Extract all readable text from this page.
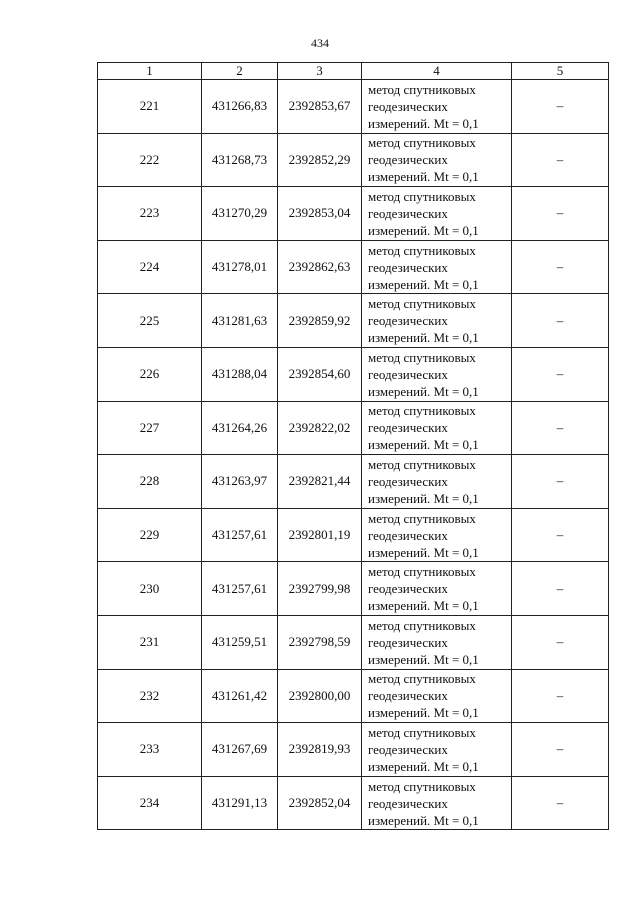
434
1	2	3	4	5
221	431266,83	2392853,67	метод спутниковых
геодезических
измерений. Mt = 0,1	–
222	431268,73	2392852,29	метод спутниковых
геодезических
измерений. Mt = 0,1	–
223	431270,29	2392853,04	метод спутниковых
геодезических
измерений. Mt = 0,1	–
224	431278,01	2392862,63	метод спутниковых
геодезических
измерений. Mt = 0,1	–
225	431281,63	2392859,92	метод спутниковых
геодезических
измерений. Mt = 0,1	–
226	431288,04	2392854,60	метод спутниковых
геодезических
измерений. Mt = 0,1	–
227	431264,26	2392822,02	метод спутниковых
геодезических
измерений. Mt = 0,1	–
228	431263,97	2392821,44	метод спутниковых
геодезических
измерений. Mt = 0,1	–
229	431257,61	2392801,19	метод спутниковых
геодезических
измерений. Mt = 0,1	–
230	431257,61	2392799,98	метод спутниковых
геодезических
измерений. Mt = 0,1	–
231	431259,51	2392798,59	метод спутниковых
геодезических
измерений. Mt = 0,1	–
232	431261,42	2392800,00	метод спутниковых
геодезических
измерений. Mt = 0,1	–
233	431267,69	2392819,93	метод спутниковых
геодезических
измерений. Mt = 0,1	–
234	431291,13	2392852,04	метод спутниковых
геодезических
измерений. Mt = 0,1	–
